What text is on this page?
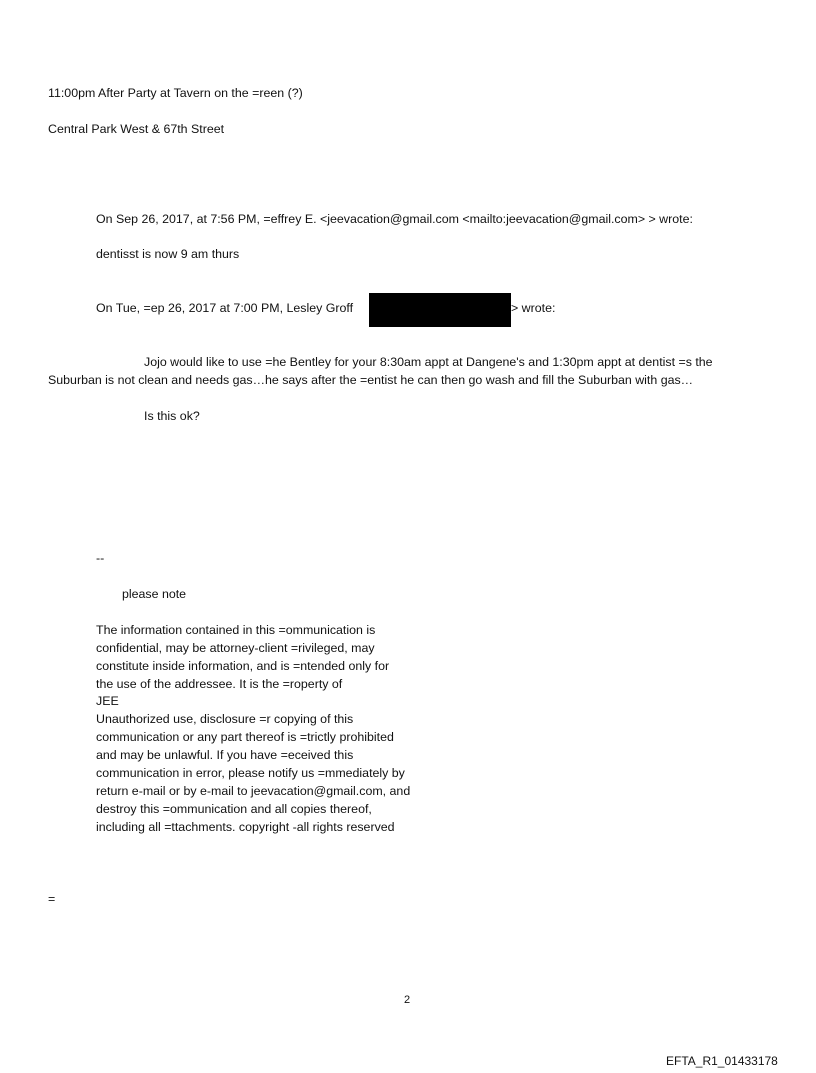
11:00pm After Party at Tavern on the =reen (?)
Central Park West & 67th Street
On Sep 26, 2017, at 7:56 PM, =effrey E. <jeevacation@gmail.com <mailto:jeevacation@gmail.com> > wrote:
dentisst is now 9 am thurs
On Tue, =ep 26, 2017 at 7:00 PM, Lesley Groff	> wrote:
Jojo would like to use =he Bentley for your 8:30am appt at Dangene's and 1:30pm appt at dentist =s the
Suburban is not clean and needs gas…he says after the =entist he can then go wash and fill the Suburban with gas…
Is this ok?
--
please note
The information contained in this =ommunication is
confidential, may be attorney-client =rivileged, may
constitute inside information, and is =ntended only for
the use of the addressee. It is the =roperty of
JEE
Unauthorized use, disclosure =r copying of this
communication or any part thereof is =trictly prohibited
and may be unlawful. If you have =eceived this
communication in error, please notify us =mmediately by
return e-mail or by e-mail to jeevacation@gmail.com, and
destroy this =ommunication and all copies thereof,
including all =ttachments. copyright -all rights reserved
=
2
EFTA_R1_01433178
